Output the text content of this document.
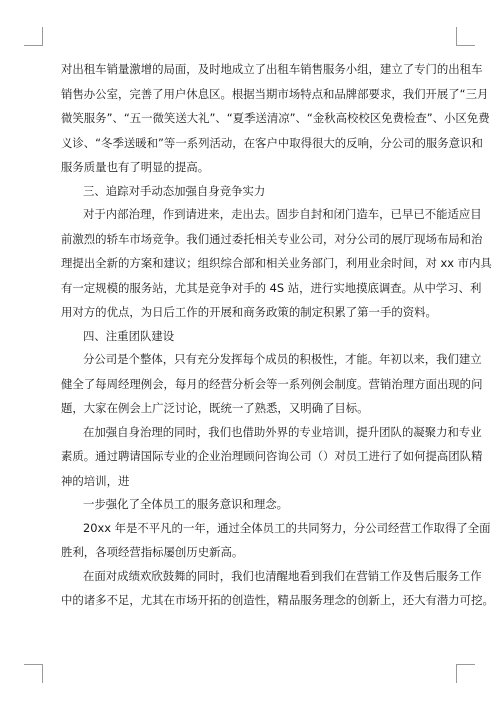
对出租车销量激增的局面，及时地成立了出租车销售服务小组，建立了专门的出租车

销售办公室，完善了用户休息区。根据当期市场特点和品牌部要求，我们开展了“三月

微笑服务”、“五一微笑送大礼”、“夏季送清凉”、“金秋高校校区免费检查”、小区免费

义诊、“冬季送暖和”等一系列活动，在客户中取得很大的反响，分公司的服务意识和

服务质量也有了明显的提高。

三、追踪对手动态加强自身竞争实力

对于内部治理，作到请进来，走出去。固步自封和闭门造车，已早已不能适应目

前激烈的轿车市场竞争。我们通过委托相关专业公司，对分公司的展厅现场布局和治

理提出全新的方案和建议；组织综合部和相关业务部门，利用业余时间，对 xx 市内具

有一定规模的服务站，尤其是竞争对手的 4S 站，进行实地摸底调查。从中学习、利

用对方的优点，为日后工作的开展和商务政策的制定积累了第一手的资料。

四、注重团队建设

分公司是个整体，只有充分发挥每个成员的积极性，才能。年初以来，我们建立

健全了每周经理例会，每月的经营分析会等一系列例会制度。营销治理方面出现的问

题，大家在例会上广泛讨论，既统一了熟悉，又明确了目标。

在加强自身治理的同时，我们也借助外界的专业培训，提升团队的凝聚力和专业

素质。通过聘请国际专业的企业治理顾问咨询公司（）对员工进行了如何提高团队精

神的培训，进

一步强化了全体员工的服务意识和理念。

20xx 年是不平凡的一年，通过全体员工的共同努力，分公司经营工作取得了全面

胜利，各项经营指标屡创历史新高。

在面对成绩欢欣鼓舞的同时，我们也清醒地看到我们在营销工作及售后服务工作

中的诸多不足，尤其在市场开拓的创造性，精品服务理念的创新上，还大有潜力可挖。
